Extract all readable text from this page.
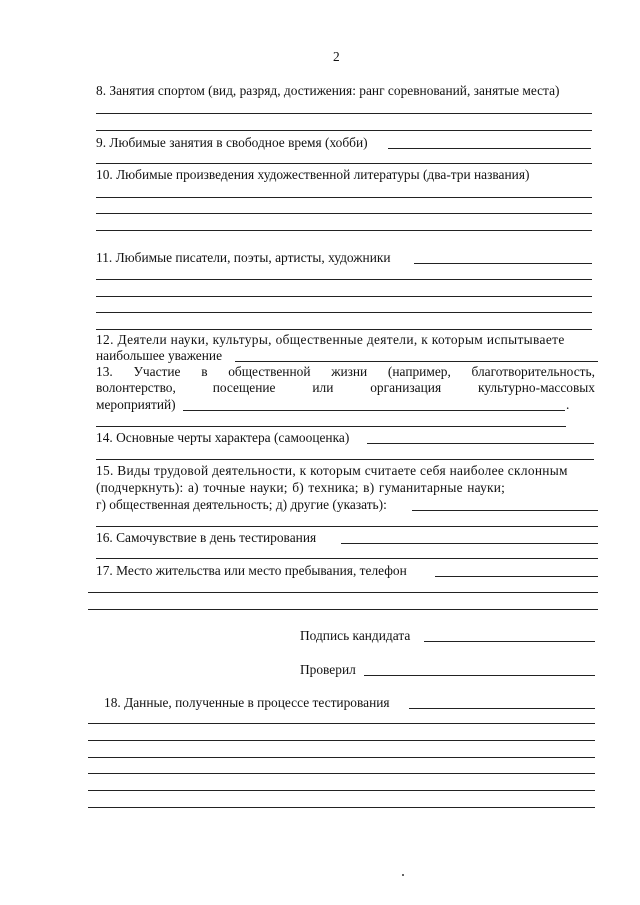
2
8. Занятия спортом (вид, разряд, достижения: ранг соревнований, занятые места)
9. Любимые занятия в свободное время (хобби)
10. Любимые произведения художественной литературы (два-три названия)
11. Любимые писатели, поэты, артисты, художники
12. Деятели науки, культуры, общественные деятели, к которым испытываете
наибольшее уважение
13. Участие в общественной жизни (например, благотворительность,
волонтерство,	посещение	или	организация	культурно-массовых
мероприятий)	.
14. Основные черты характера (самооценка)
15. Виды трудовой деятельности, к которым считаете себя наиболее склонным
(подчеркнуть): а) точные науки; б) техника; в) гуманитарные науки;
г) общественная деятельность; д) другие (указать):
16. Самочувствие в день тестирования
17. Место жительства или место пребывания, телефон
Подпись кандидата
Проверил
18. Данные, полученные в процессе тестирования
